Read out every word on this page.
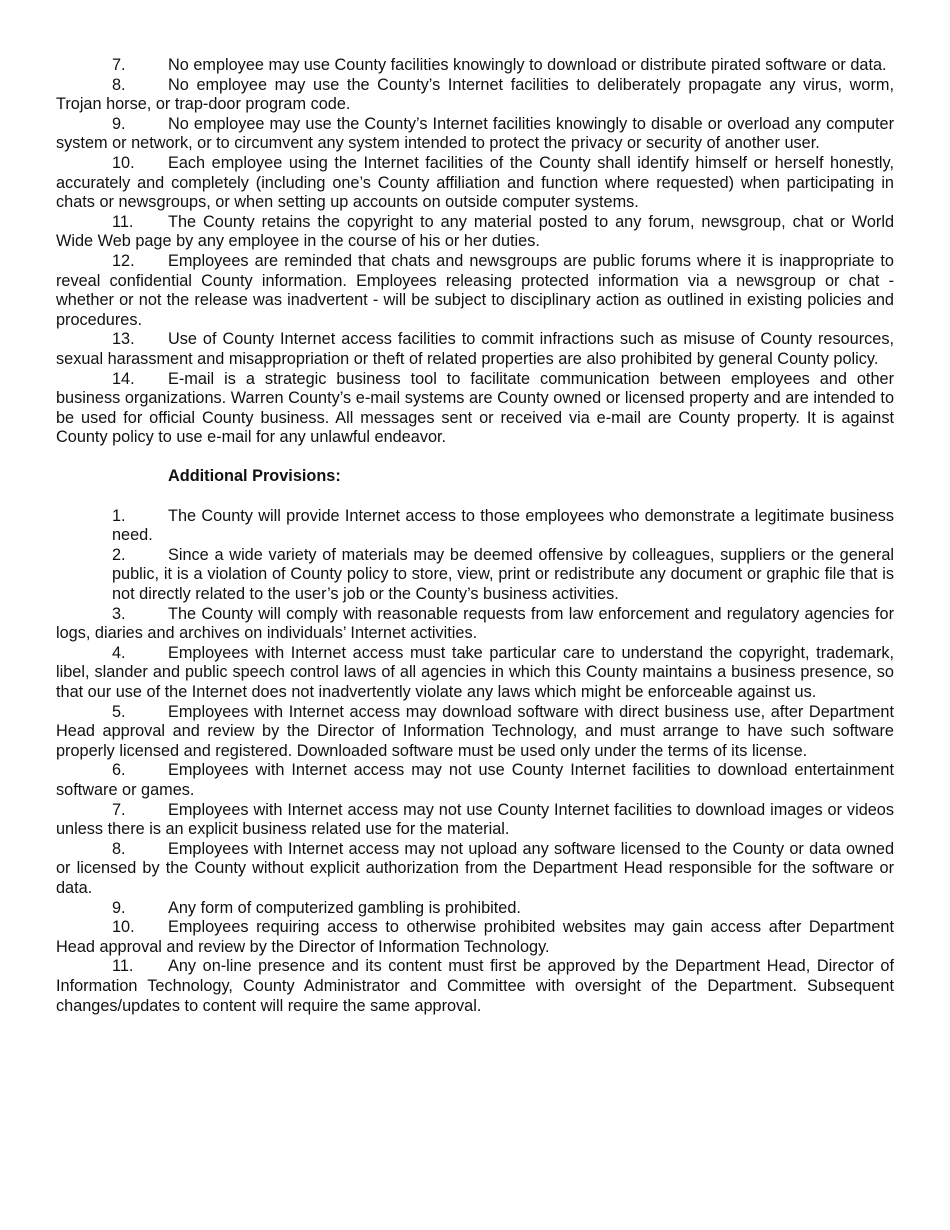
7.	No employee may use County facilities knowingly to download or distribute pirated software or data.

8.	No employee may use the County’s Internet facilities to deliberately propagate any virus, worm, Trojan horse, or trap-door program code.

9.	No employee may use the County’s Internet facilities knowingly to disable or overload any computer system or network, or to circumvent any system intended to protect the privacy or security of another user.

10. Each employee using the Internet facilities of the County shall identify himself or herself honestly, accurately and completely (including one’s County affiliation and function where requested) when participating in chats or newsgroups, or when setting up accounts on outside computer systems.

11. The County retains the copyright to any material posted to any forum, newsgroup, chat or World Wide Web page by any employee in the course of his or her duties.

12. Employees are reminded that chats and newsgroups are public forums where it is inappropriate to reveal confidential County information. Employees releasing protected information via a newsgroup or chat - whether or not the release was inadvertent - will be subject to disciplinary action as outlined in existing policies and procedures.

13. Use of County Internet access facilities to commit infractions such as misuse of County resources, sexual harassment and misappropriation or theft of related properties are also prohibited by general County policy.

14. E-mail is a strategic business tool to facilitate communication between employees and other business organizations. Warren County’s e-mail systems are County owned or licensed property and are intended to be used for official County business. All messages sent or received via e-mail are County property. It is against County policy to use e-mail for any unlawful endeavor.

Additional Provisions:

1.	The County will provide Internet access to those employees who demonstrate a legitimate business need.

2.	Since a wide variety of materials may be deemed offensive by colleagues, suppliers or the general public, it is a violation of County policy to store, view, print or redistribute any document or graphic file that is not directly related to the user’s job or the County’s business activities.

3.	The County will comply with reasonable requests from law enforcement and regulatory agencies for logs, diaries and archives on individuals’ Internet activities.

4.	Employees with Internet access must take particular care to understand the copyright, trademark, libel, slander and public speech control laws of all agencies in which this County maintains a business presence, so that our use of the Internet does not inadvertently violate any laws which might be enforceable against us.

5.	Employees with Internet access may download software with direct business use, after Department Head approval and review by the Director of Information Technology, and must arrange to have such software properly licensed and registered. Downloaded software must be used only under the terms of its license.

6.	Employees with Internet access may not use County Internet facilities to download entertainment software or games.

7.	Employees with Internet access may not use County Internet facilities to download images or videos unless there is an explicit business related use for the material.

8.	Employees with Internet access may not upload any software licensed to the County or data owned or licensed by the County without explicit authorization from the Department Head responsible for the software or data.

9.	Any form of computerized gambling is prohibited.

10. Employees requiring access to otherwise prohibited websites may gain access after Department Head approval and review by the Director of Information Technology.

11. Any on-line presence and its content must first be approved by the Department Head, Director of Information Technology, County Administrator and Committee with oversight of the Department. Subsequent changes/updates to content will require the same approval.
